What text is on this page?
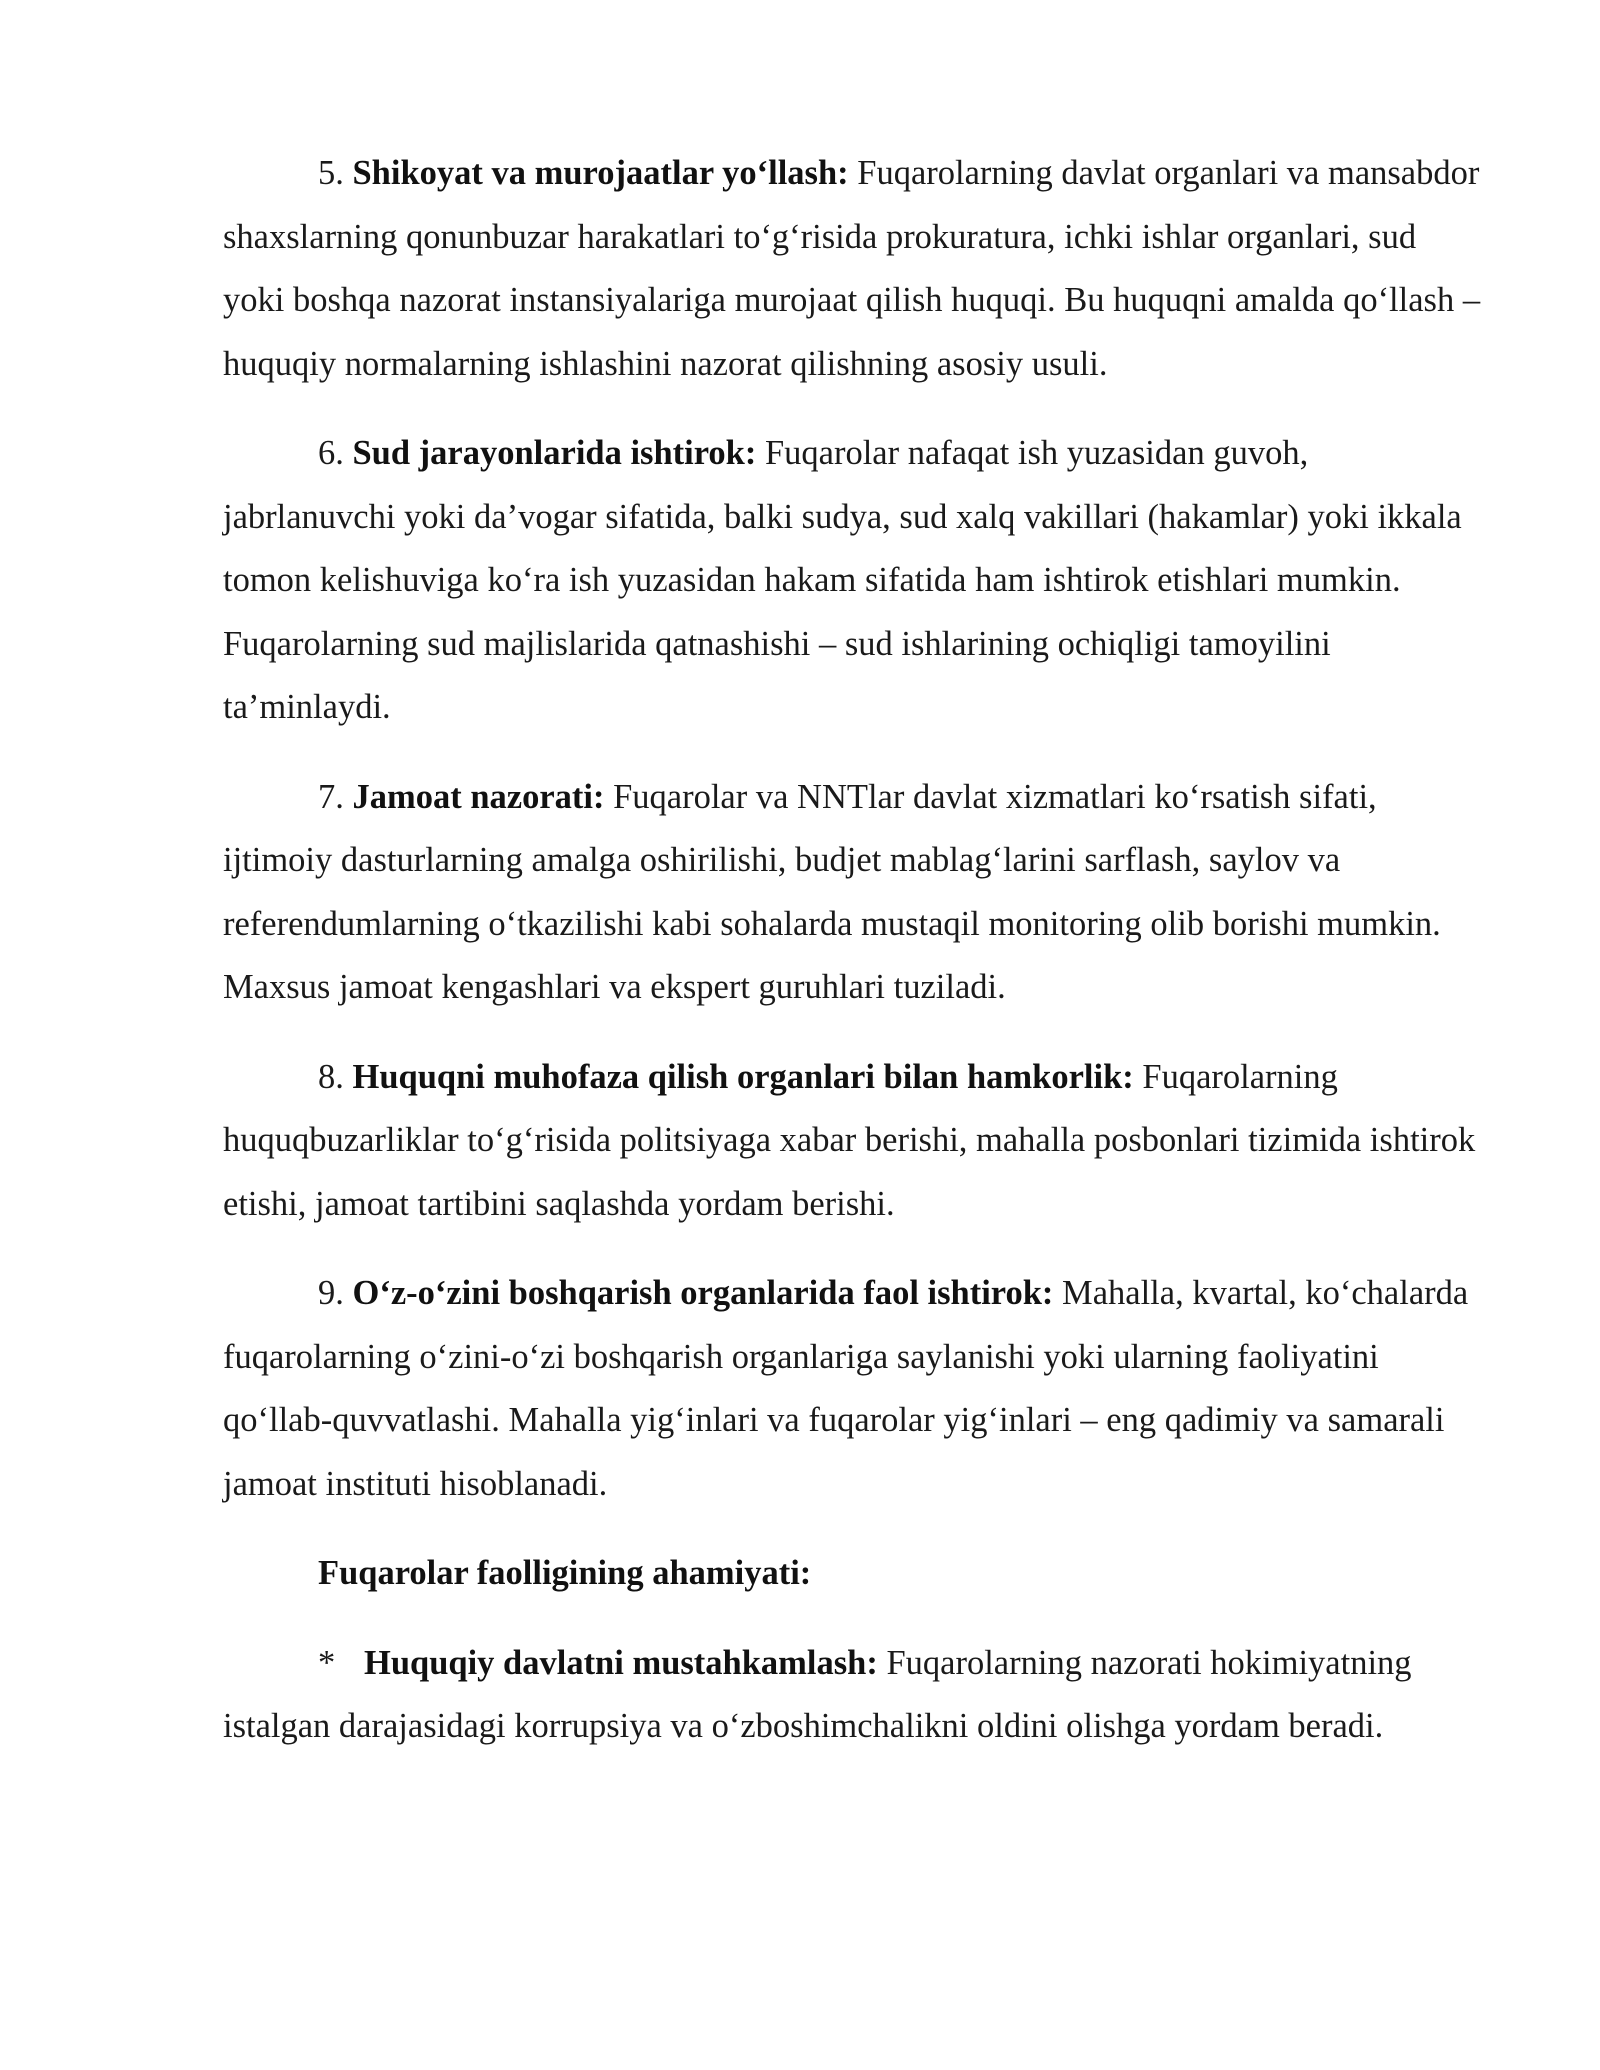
5. Shikoyat va murojaatlar yo‘llash: Fuqarolarning davlat organlari va mansabdor shaxslarning qonunbuzar harakatlari to‘g‘risida prokuratura, ichki ishlar organlari, sud yoki boshqa nazorat instansiyalariga murojaat qilish huquqi. Bu huquqni amalda qo‘llash – huquqiy normalarning ishlashini nazorat qilishning asosiy usuli.

6. Sud jarayonlarida ishtirok: Fuqarolar nafaqat ish yuzasidan guvoh, jabrlanuvchi yoki da’vogar sifatida, balki sudya, sud xalq vakillari (hakamlar) yoki ikkala tomon kelishuviga ko‘ra ish yuzasidan hakam sifatida ham ishtirok etishlari mumkin. Fuqarolarning sud majlislarida qatnashishi – sud ishlarining ochiqligi tamoyilini ta’minlaydi.

7. Jamoat nazorati: Fuqarolar va NNTlar davlat xizmatlari ko‘rsatish sifati, ijtimoiy dasturlarning amalga oshirilishi, budjet mablag‘larini sarflash, saylov va referendumlarning o‘tkazilishi kabi sohalarda mustaqil monitoring olib borishi mumkin. Maxsus jamoat kengashlari va ekspert guruhlari tuziladi.

8. Huquqni muhofaza qilish organlari bilan hamkorlik: Fuqarolarning huquqbuzarliklar to‘g‘risida politsiyaga xabar berishi, mahalla posbonlari tizimida ishtirok etishi, jamoat tartibini saqlashda yordam berishi.

9. O‘z-o‘zini boshqarish organlarida faol ishtirok: Mahalla, kvartal, ko‘chalarda fuqarolarning o‘zini-o‘zi boshqarish organlariga saylanishi yoki ularning faoliyatini qo‘llab-quvvatlashi. Mahalla yig‘inlari va fuqarolar yig‘inlari – eng qadimiy va samarali jamoat instituti hisoblanadi.

Fuqarolar faolligining ahamiyati:

* Huquqiy davlatni mustahkamlash: Fuqarolarning nazorati hokimiyatning istalgan darajasidagi korrupsiya va o‘zboshimchalikni oldini olishga yordam beradi.
